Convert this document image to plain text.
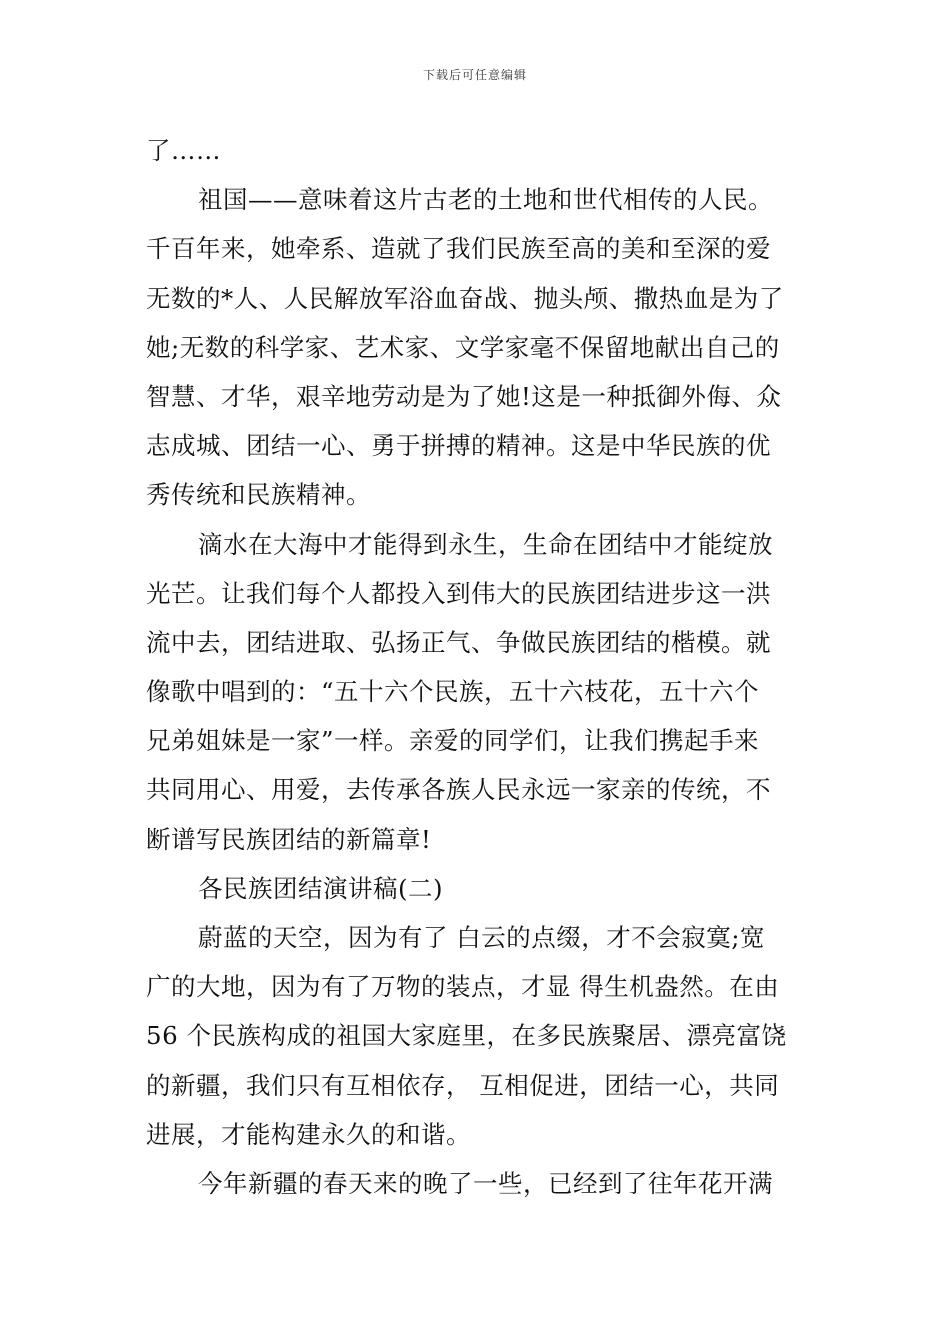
下载后可任意编辑
了……
祖国——意味着这片古老的土地和世代相传的人民。
千百年来，她牵系、造就了我们民族至高的美和至深的爱
无数的*人、人民解放军浴血奋战、抛头颅、撒热血是为了
她;无数的科学家、艺术家、文学家毫不保留地献出自己的
智慧、才华，艰辛地劳动是为了她!这是一种抵御外侮、众
志成城、团结一心、勇于拼搏的精神。这是中华民族的优
秀传统和民族精神。
滴水在大海中才能得到永生，生命在团结中才能绽放
光芒。让我们每个人都投入到伟大的民族团结进步这一洪
流中去，团结进取、弘扬正气、争做民族团结的楷模。就
像歌中唱到的：“五十六个民族，五十六枝花，五十六个
兄弟姐妹是一家”一样。亲爱的同学们，让我们携起手来
共同用心、用爱，去传承各族人民永远一家亲的传统，不
断谱写民族团结的新篇章!
各民族团结演讲稿(二)
蔚蓝的天空，因为有了 白云的点缀，才不会寂寞;宽
广的大地，因为有了万物的装点，才显 得生机盎然。在由
56 个民族构成的祖国大家庭里，在多民族聚居、漂亮富饶
的新疆，我们只有互相依存， 互相促进，团结一心，共同
进展，才能构建永久的和谐。
今年新疆的春天来的晚了一些，已经到了往年花开满
